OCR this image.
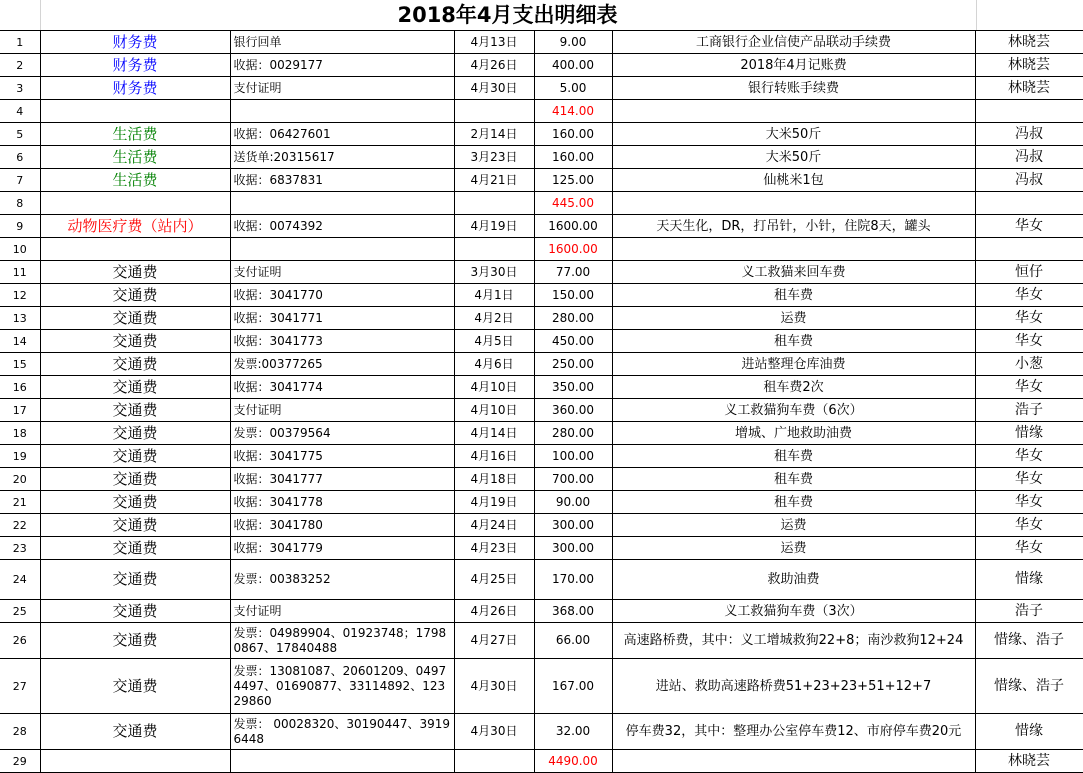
2018年4月支出明细表
1	财务费	银行回单	4月13日	9.00	工商银行企业信使产品联动手续费	林晓芸
2	财务费	收据：0029177	4月26日	400.00	2018年4月记账费	林晓芸
3	财务费	支付证明	4月30日	5.00	银行转账手续费	林晓芸
4				414.00		
5	生活费	收据：06427601	2月14日	160.00	大米50斤	冯叔
6	生活费	送货单:20315617	3月23日	160.00	大米50斤	冯叔
7	生活费	收据：6837831	4月21日	125.00	仙桃米1包	冯叔
8				445.00		
9	动物医疗费（站内）	收据：0074392	4月19日	1600.00	天天生化，DR，打吊针，小针，住院8天，罐头	华女
10				1600.00		
11	交通费	支付证明	3月30日	77.00	义工救猫来回车费	恒仔
12	交通费	收据：3041770	4月1日	150.00	租车费	华女
13	交通费	收据：3041771	4月2日	280.00	运费	华女
14	交通费	收据：3041773	4月5日	450.00	租车费	华女
15	交通费	发票:00377265	4月6日	250.00	进站整理仓库油费	小葱
16	交通费	收据：3041774	4月10日	350.00	租车费2次	华女
17	交通费	支付证明	4月10日	360.00	义工救猫狗车费（6次）	浩子
18	交通费	发票：00379564	4月14日	280.00	增城、广地救助油费	惜缘
19	交通费	收据：3041775	4月16日	100.00	租车费	华女
20	交通费	收据：3041777	4月18日	700.00	租车费	华女
21	交通费	收据：3041778	4月19日	90.00	租车费	华女
22	交通费	收据：3041780	4月24日	300.00	运费	华女
23	交通费	收据：3041779	4月23日	300.00	运费	华女
24	交通费	发票：00383252	4月25日	170.00	救助油费	惜缘
25	交通费	支付证明	4月26日	368.00	义工救猫狗车费（3次）	浩子
26	交通费	发票：04989904、01923748；17980867、17840488	4月27日	66.00	高速路桥费，其中：义工增城救狗22+8；南沙救狗12+24	惜缘、浩子
27	交通费	发票：13081087、20601209、04974497、01690877、33114892、12329860	4月30日	167.00	进站、救助高速路桥费51+23+23+51+12+7	惜缘、浩子
28	交通费	发票： 00028320、30190447、39196448	4月30日	32.00	停车费32，其中：整理办公室停车费12、市府停车费20元	惜缘
29				4490.00		林晓芸
